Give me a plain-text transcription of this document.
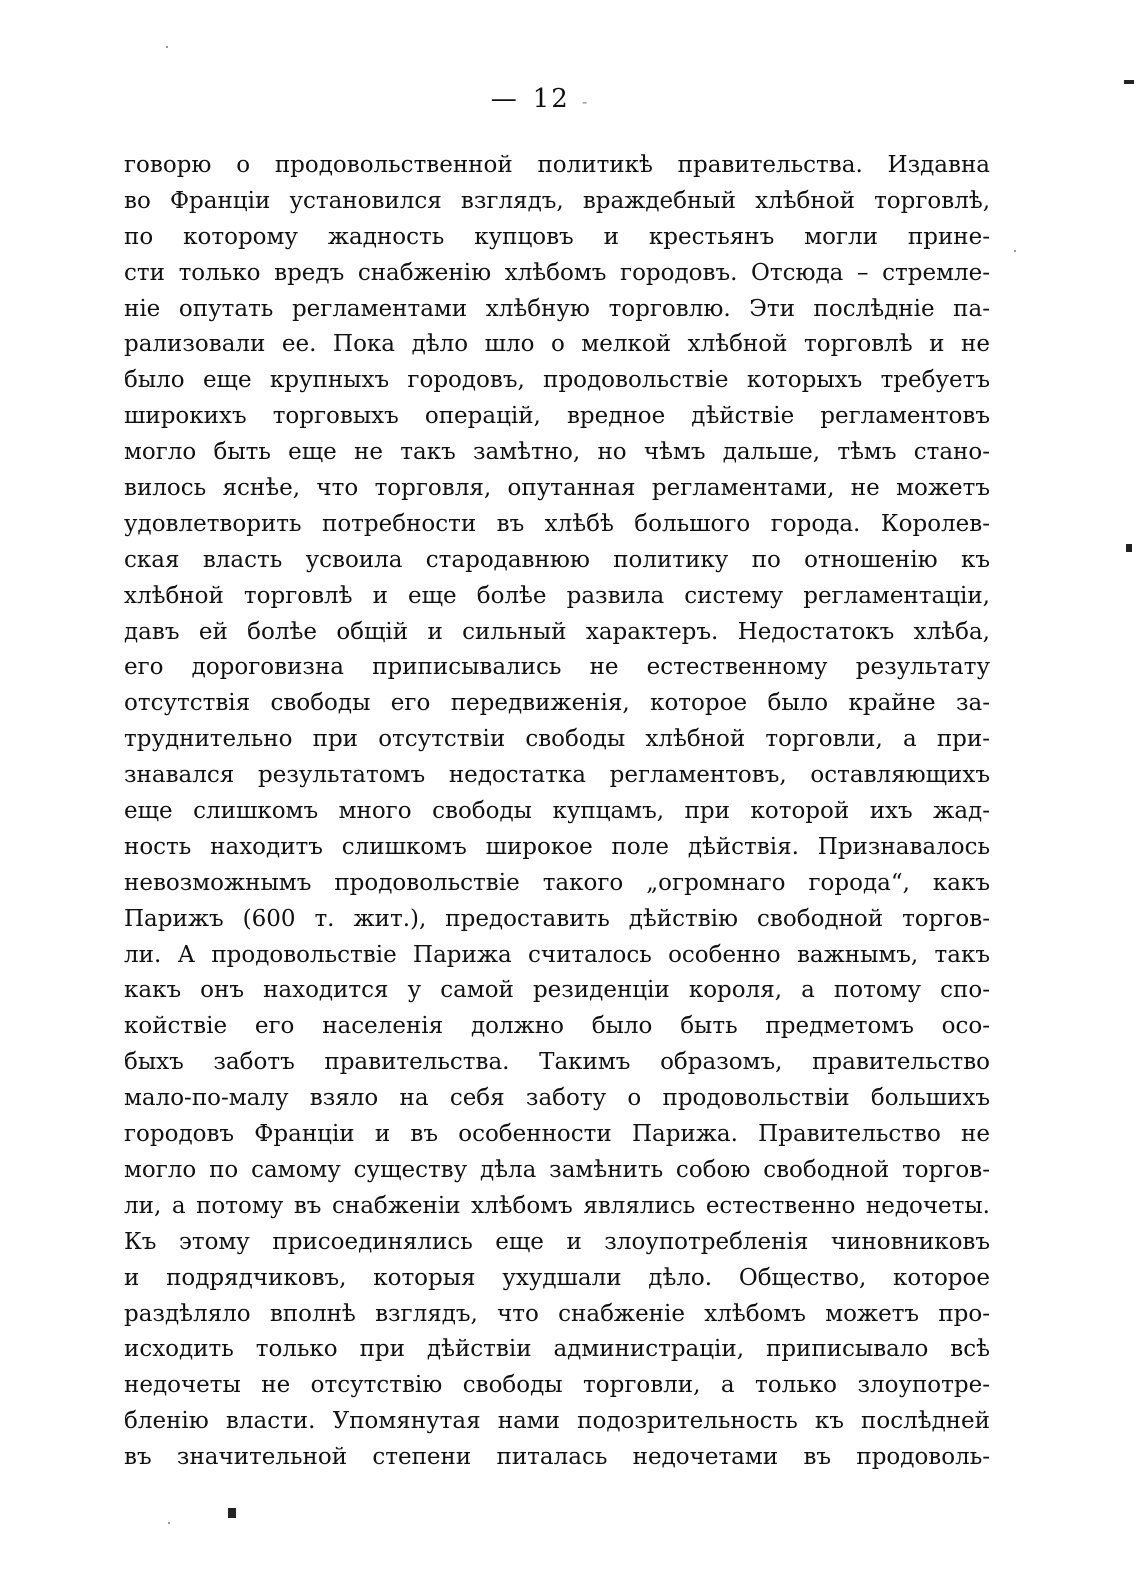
— 12 -
говорю о продовольственной политикѣ правительства. Издавна
во Франціи установился взглядъ, враждебный хлѣбной торговлѣ,
по которому жадность купцовъ и крестьянъ могли прине-
сти только вредъ снабженію хлѣбомъ городовъ. Отсюда – стремле-
ніе опутать регламентами хлѣбную торговлю. Эти послѣдніе па-
рализовали ее. Пока дѣло шло о мелкой хлѣбной торговлѣ и не
было еще крупныхъ городовъ, продовольствіе которыхъ требуетъ
широкихъ торговыхъ операцій, вредное дѣйствіе регламентовъ
могло быть еще не такъ замѣтно, но чѣмъ дальше, тѣмъ стано-
вилось яснѣе, что торговля, опутанная регламентами, не можетъ
удовлетворить потребности въ хлѣбѣ большого города. Королев-
ская власть усвоила стародавнюю политику по отношенію къ
хлѣбной торговлѣ и еще болѣе развила систему регламентаціи,
давъ ей болѣе общій и сильный характеръ. Недостатокъ хлѣба,
его дороговизна приписывались не естественному результату
отсутствія свободы его передвиженія, которое было крайне за-
труднительно при отсутствіи свободы хлѣбной торговли, а при-
знавался результатомъ недостатка регламентовъ, оставляющихъ
еще слишкомъ много свободы купцамъ, при которой ихъ жад-
ность находитъ слишкомъ широкое поле дѣйствія. Признавалось
невозможнымъ продовольствіе такого „огромнаго города“, какъ
Парижъ (600 т. жит.), предоставить дѣйствію свободной торгов-
ли. А продовольствіе Парижа считалось особенно важнымъ, такъ
какъ онъ находится у самой резиденціи короля, а потому спо-
койствіе его населенія должно было быть предметомъ осо-
быхъ заботъ правительства. Такимъ образомъ, правительство
мало-по-малу взяло на себя заботу о продовольствіи большихъ
городовъ Франціи и въ особенности Парижа. Правительство не
могло по самому существу дѣла замѣнить собою свободной торгов-
ли, а потому въ снабженіи хлѣбомъ являлись естественно недочеты.
Къ этому присоединялись еще и злоупотребленія чиновниковъ
и подрядчиковъ, которыя ухудшали дѣло. Общество, которое
раздѣляло вполнѣ взглядъ, что снабженіе хлѣбомъ можетъ про-
исходить только при дѣйствіи администраціи, приписывало всѣ
недочеты не отсутствію свободы торговли, а только злоупотре-
бленію власти. Упомянутая нами подозрительность къ послѣдней
въ значительной степени питалась недочетами въ продоволь-
